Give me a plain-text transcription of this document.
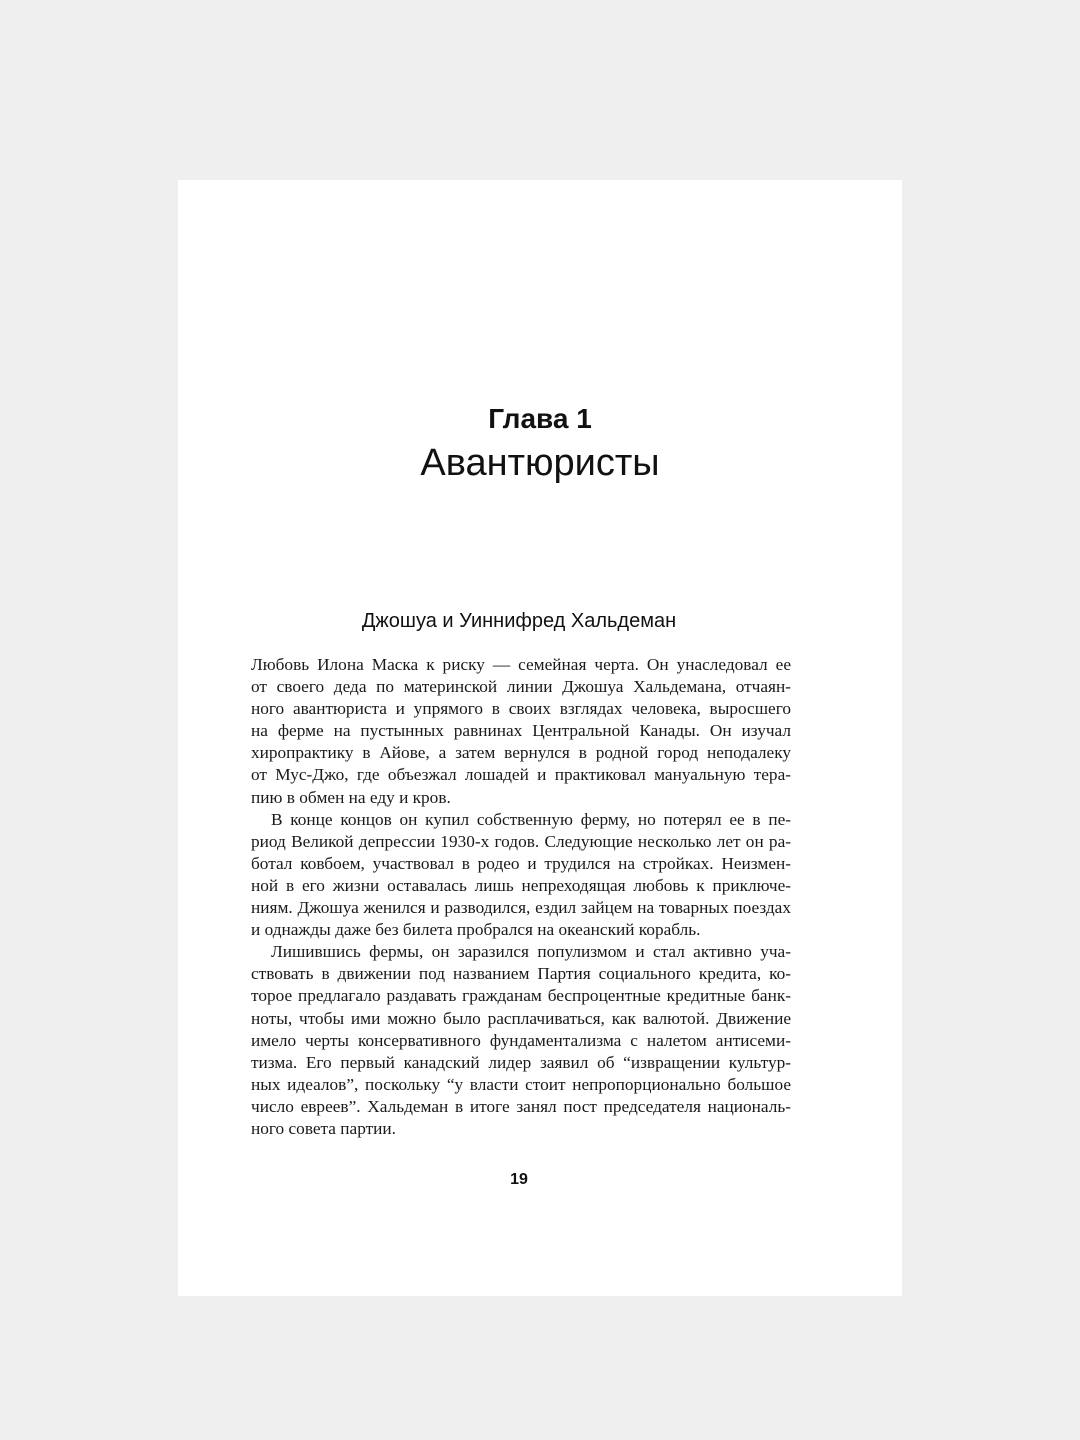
Глава 1
Авантюристы
Джошуа и Уиннифред Хальдеман
Любовь Илона Маска к риску — семейная черта. Он унаследовал ее
от своего деда по материнской линии Джошуа Хальдемана, отчаян-
ного авантюриста и упрямого в своих взглядах человека, выросшего
на ферме на пустынных равнинах Центральной Канады. Он изучал
хиропрактику в Айове, а затем вернулся в родной город неподалеку
от Мус-Джо, где объезжал лошадей и практиковал мануальную тера-
пию в обмен на еду и кров.
В конце концов он купил собственную ферму, но потерял ее в пе-
риод Великой депрессии 1930-х годов. Следующие несколько лет он ра-
ботал ковбоем, участвовал в родео и трудился на стройках. Неизмен-
ной в его жизни оставалась лишь непреходящая любовь к приключе-
ниям. Джошуа женился и разводился, ездил зайцем на товарных поездах
и однажды даже без билета пробрался на океанский корабль.
Лишившись фермы, он заразился популизмом и стал активно уча-
ствовать в движении под названием Партия социального кредита, ко-
торое предлагало раздавать гражданам беспроцентные кредитные банк-
ноты, чтобы ими можно было расплачиваться, как валютой. Движение
имело черты консервативного фундаментализма с налетом антисеми-
тизма. Его первый канадский лидер заявил об “извращении культур-
ных идеалов”, поскольку “у власти стоит непропорционально большое
число евреев”. Хальдеман в итоге занял пост председателя националь-
ного совета партии.
19
